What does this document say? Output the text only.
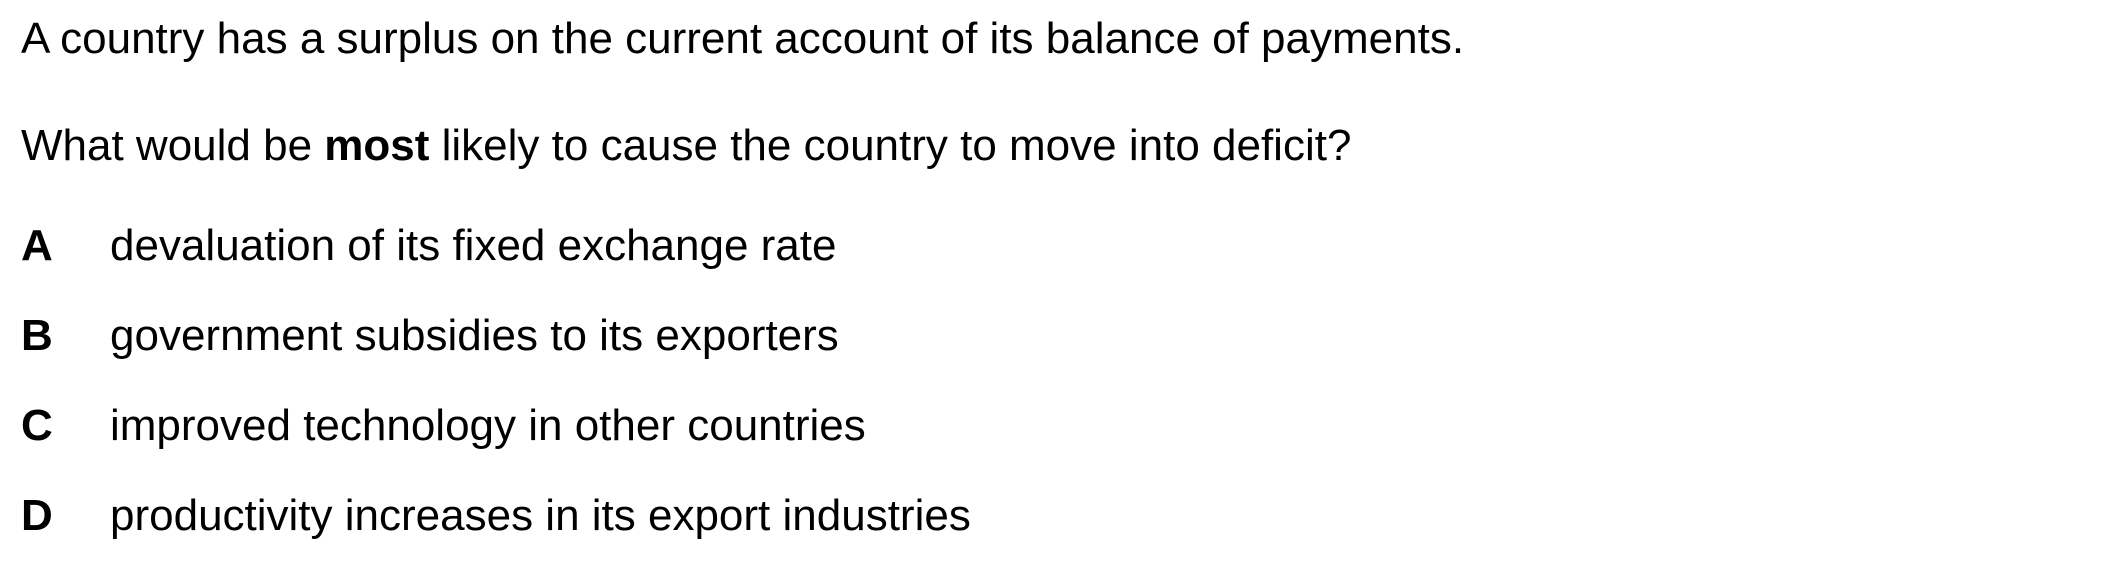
A country has a surplus on the current account of its balance of payments.
What would be most likely to cause the country to move into deficit?
A devaluation of its fixed exchange rate
B government subsidies to its exporters
C improved technology in other countries
D productivity increases in its export industries
